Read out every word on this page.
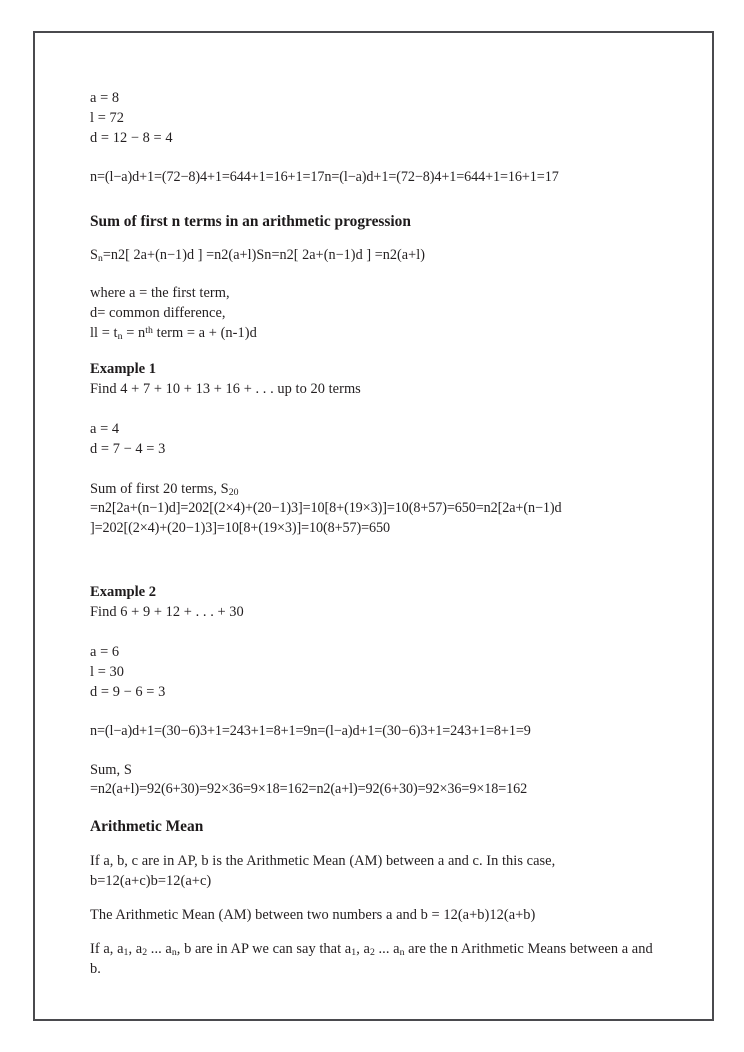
a = 8
l = 72
d = 12 − 8 = 4
n=(l−a)d+1=(72−8)4+1=644+1=16+1=17n=(l−a)d+1=(72−8)4+1=644+1=16+1=17
Sum of first n terms in an arithmetic progression
$S_n=n2$[ 2a+(n−1)d ] =n2(a+l)Sn=n2[ 2a+(n−1)d ] =n2(a+l)
where a = the first term,
d= common difference,
ll = $t_n = n^{th}$ term = a + (n-1)d
Example 1
Find 4 + 7 + 10 + 13 + 16 + . . . up to 20 terms
a = 4
d = 7 − 4 = 3
Sum of first 20 terms, $S_{20}$
=n2[2a+(n−1)d]=202[(2×4)+(20−1)3]=10[8+(19×3)]=10(8+57)=650=n2[2a+(n−1)d
]=202[(2×4)+(20−1)3]=10[8+(19×3)]=10(8+57)=650
Example 2
Find 6 + 9 + 12 + . . . + 30
a = 6
l = 30
d = 9 − 6 = 3
n=(l−a)d+1=(30−6)3+1=243+1=8+1=9n=(l−a)d+1=(30−6)3+1=243+1=8+1=9
Sum, S
=n2(a+l)=92(6+30)=92×36=9×18=162=n2(a+l)=92(6+30)=92×36=9×18=162
Arithmetic Mean
If a, b, c are in AP, b is the Arithmetic Mean (AM) between a and c. In this case, b=12(a+c)b=12(a+c)
The Arithmetic Mean (AM) between two numbers a and b = 12(a+b)12(a+b)
If a, $a_1$, $a_2$ ... $a_n$, b are in AP we can say that $a_1$, $a_2$ ... $a_n$ are the n Arithmetic Means between a and b.
